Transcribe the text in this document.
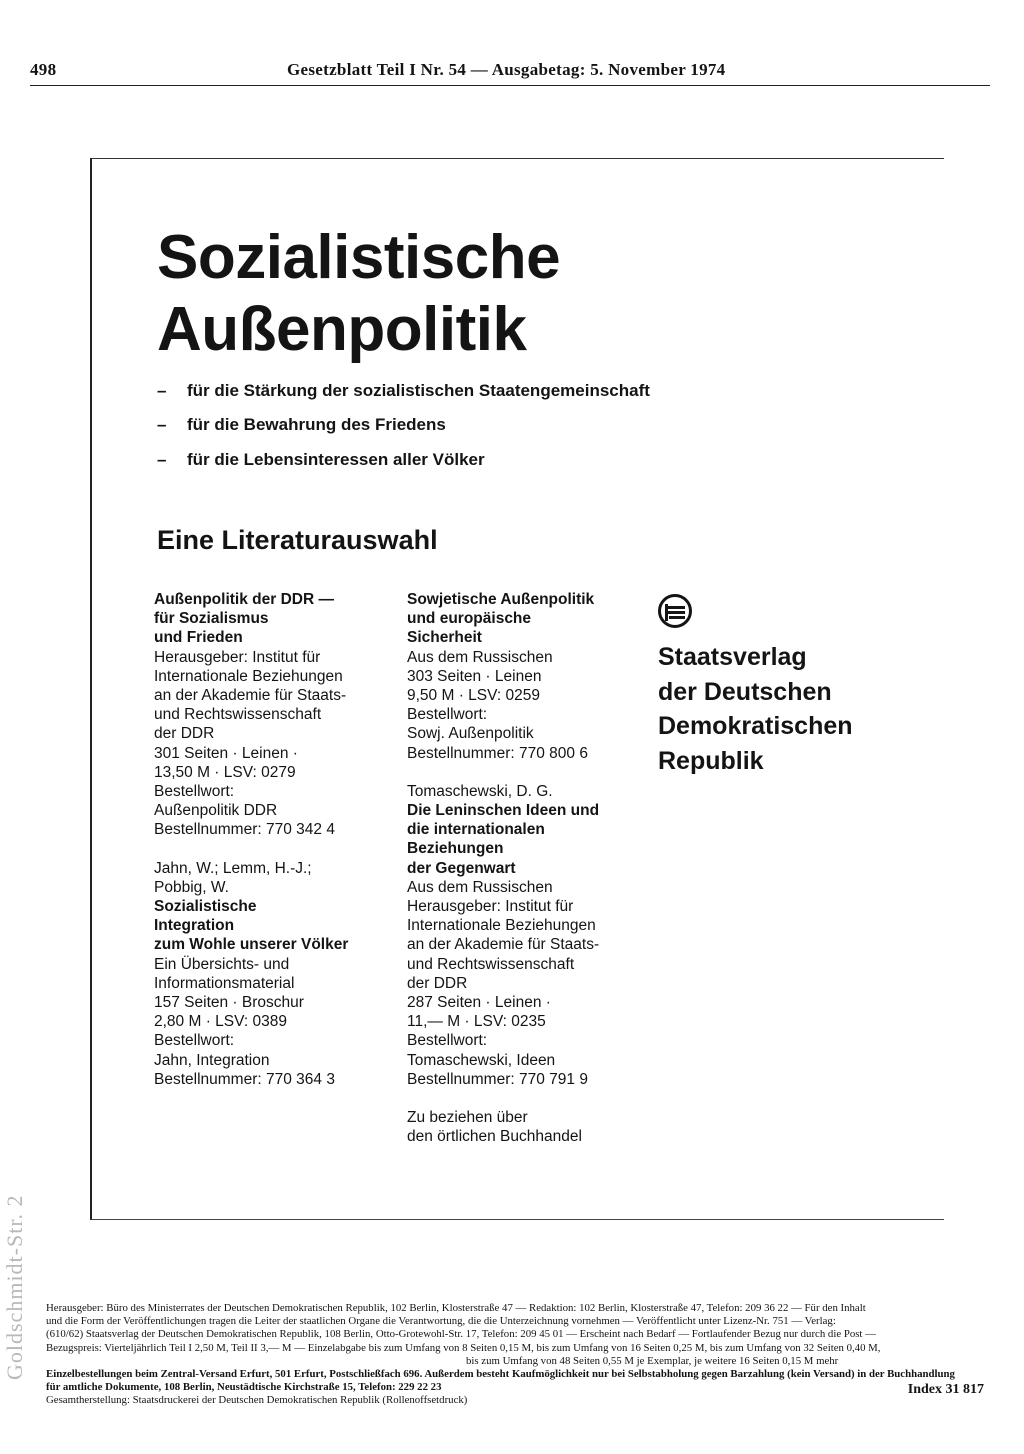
498	Gesetzblatt Teil I Nr. 54 — Ausgabetag: 5. November 1974
Sozialistische
Außenpolitik
– für die Stärkung der sozialistischen Staatengemeinschaft
– für die Bewahrung des Friedens
– für die Lebensinteressen aller Völker
Eine Literaturauswahl

Außenpolitik der DDR —

für Sozialismus

und Frieden

Herausgeber: Institut für

Internationale Beziehungen

an der Akademie für Staats-

und Rechtswissenschaft

der DDR

301 Seiten · Leinen ·

13,50 M · LSV: 0279

Bestellwort:

Außenpolitik DDR

Bestellnummer: 770 342 4

Jahn, W.; Lemm, H.-J.;

Pobbig, W.

Sozialistische

Integration

zum Wohle unserer Völker

Ein Übersichts- und

Informationsmaterial

157 Seiten · Broschur

2,80 M · LSV: 0389

Bestellwort:

Jahn, Integration

Bestellnummer: 770 364 3

Sowjetische Außenpolitik

und europäische

Sicherheit

Aus dem Russischen

303 Seiten · Leinen

9,50 M · LSV: 0259

Bestellwort:

Sowj. Außenpolitik

Bestellnummer: 770 800 6

Tomaschewski, D. G.

Die Leninschen Ideen und

die internationalen

Beziehungen

der Gegenwart

Aus dem Russischen

Herausgeber: Institut für

Internationale Beziehungen

an der Akademie für Staats-

und Rechtswissenschaft

der DDR

287 Seiten · Leinen ·

11,— M · LSV: 0235

Bestellwort:

Tomaschewski, Ideen

Bestellnummer: 770 791 9

Zu beziehen über

den örtlichen Buchhandel

Staatsverlag
der Deutschen
Demokratischen
Republik
Goldschmidt-Str. 2 Herausgeber: Büro des Ministerrates der Deutschen Demokratischen Republik, 102 Berlin, Klosterstraße 47 — Redaktion: 102 Berlin, Klosterstraße 47, Telefon: 209 36 22 — Für den Inhalt

und die Form der Veröffentlichungen tragen die Leiter der staatlichen Organe die Verantwortung, die die Unterzeichnung vornehmen — Veröffentlicht unter Lizenz-Nr. 751 — Verlag:

(610/62) Staatsverlag der Deutschen Demokratischen Republik, 108 Berlin, Otto-Grotewohl-Str. 17, Telefon: 209 45 01 — Erscheint nach Bedarf — Fortlaufender Bezug nur durch die Post —

Bezugspreis: Vierteljährlich Teil I 2,50 M, Teil II 3,— M — Einzelabgabe bis zum Umfang von 8 Seiten 0,15 M, bis zum Umfang von 16 Seiten 0,25 M, bis zum Umfang von 32 Seiten 0,40 M,

bis zum Umfang von 48 Seiten 0,55 M je Exemplar, je weitere 16 Seiten 0,15 M mehr

Einzelbestellungen beim Zentral-Versand Erfurt, 501 Erfurt, Postschließfach 696. Außerdem besteht Kaufmöglichkeit nur bei Selbstabholung gegen Barzahlung (kein Versand) in der Buchhandlung

für amtliche Dokumente, 108 Berlin, Neustädtische Kirchstraße 15, Telefon: 229 22 23

Gesamtherstellung: Staatsdruckerei der Deutschen Demokratischen Republik (Rollenoffsetdruck)

Index 31 817
